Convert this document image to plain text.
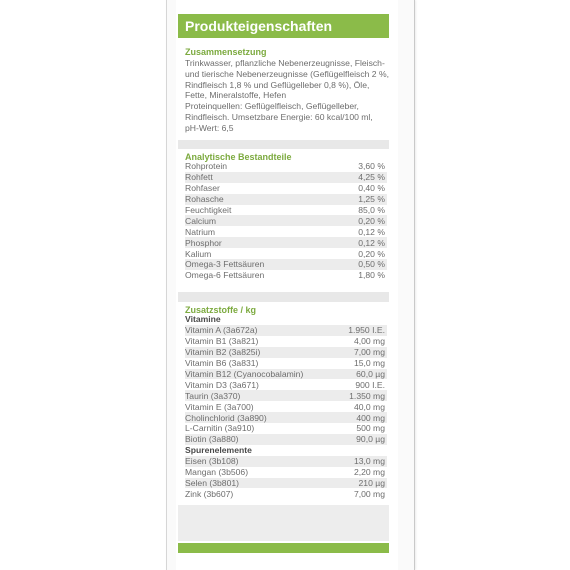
Produkteigenschaften
Zusammensetzung
Trinkwasser, pflanzliche Nebenerzeugnisse, Fleisch-
und tierische Nebenerzeugnisse (Geflügelfleisch 2 %,
Rindfleisch 1,8 % und Geflügelleber 0,8 %), Öle,
Fette, Mineralstoffe, Hefen
Proteinquellen: Geflügelfleisch, Geflügelleber,
Rindfleisch. Umsetzbare Energie: 60 kcal/100 ml,
pH-Wert: 6,5
Analytische Bestandteile
Rohprotein	3,60 %
Rohfett	4,25 %
Rohfaser	0,40 %
Rohasche	1,25 %
Feuchtigkeit	85,0 %
Calcium	0,20 %
Natrium	0,12 %
Phosphor	0,12 %
Kalium	0,20 %
Omega-3 Fettsäuren	0,50 %
Omega-6 Fettsäuren	1,80 %
Zusatzstoffe / kg
Vitamine
Vitamin A (3a672a)	1.950 I.E.
Vitamin B1 (3a821)	4,00 mg
Vitamin B2 (3a825i)	7,00 mg
Vitamin B6 (3a831)	15,0 mg
Vitamin B12 (Cyanocobalamin)	60,0 µg
Vitamin D3 (3a671)	900 I.E.
Taurin (3a370)	1.350 mg
Vitamin E (3a700)	40,0 mg
Cholinchlorid (3a890)	400 mg
L-Carnitin (3a910)	500 mg
Biotin (3a880)	90,0 µg
Spurenelemente
Eisen (3b108)	13,0 mg
Mangan (3b506)	2,20 mg
Selen (3b801)	210 µg
Zink (3b607)	7,00 mg
